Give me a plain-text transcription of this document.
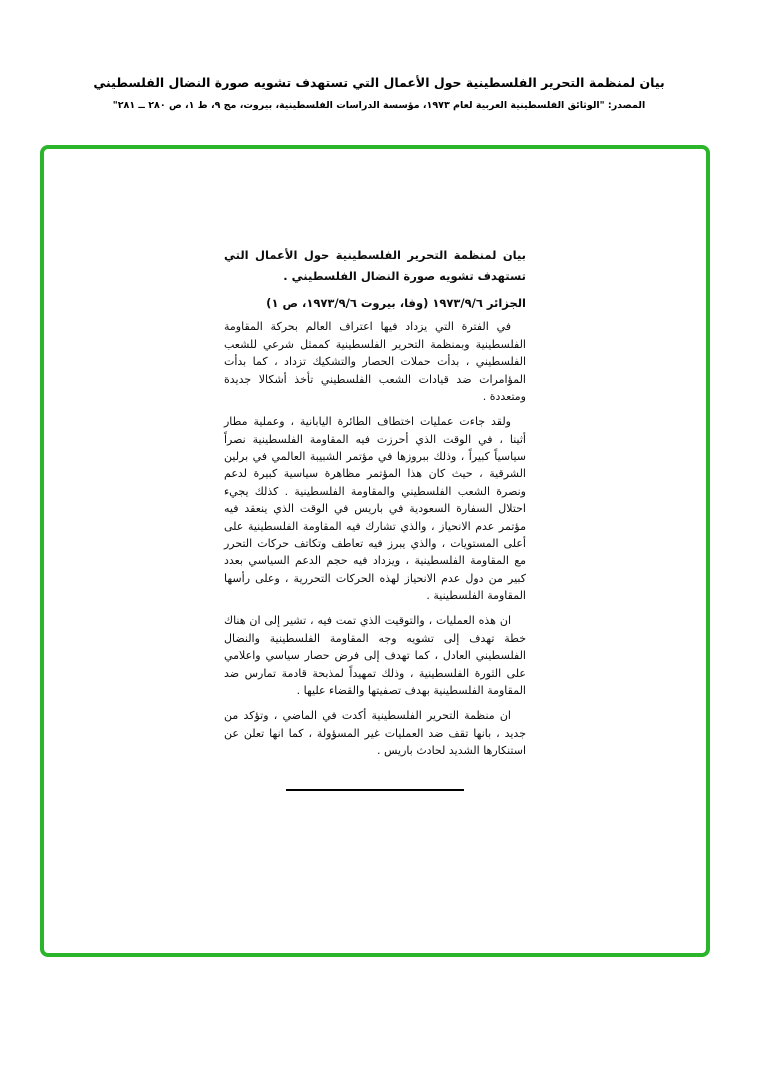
بيان لمنظمة التحرير الفلسطينية حول الأعمال التي تستهدف تشويه صورة النضال الفلسطيني
المصدر: "الوثائق الفلسطينية العربية لعام ١٩٧٣، مؤسسة الدراسات الفلسطينية، بيروت، مج ٩، ط ١، ص ٢٨٠ ــ ٢٨١"
بيان لمنظمة التحرير الفلسطينية حول الأعمال التي تستهدف تشويه صورة النضال الفلسطيني .
الجزائر ١٩٧٣/٩/٦ (وفا، بيروت ١٩٧٣/٩/٦، ص ١)

في الفترة التي يزداد فيها اعتراف العالم بحركة المقاومة الفلسطينية وبمنظمة التحرير الفلسطينية كممثل شرعي للشعب الفلسطيني ، بدأت حملات الحصار والتشكيك تزداد ، كما بدأت المؤامرات ضد قيادات الشعب الفلسطيني تأخذ أشكالا جديدة ومتعددة .

ولقد جاءت عمليات اختطاف الطائرة اليابانية ، وعملية مطار أثينا ، في الوقت الذي أحرزت فيه المقاومة الفلسطينية نصراً سياسياً كبيراً ، وذلك ببروزها في مؤتمر الشبيبة العالمي في برلين الشرقية ، حيث كان هذا المؤتمر مظاهرة سياسية كبيرة لدعم ونصرة الشعب الفلسطيني والمقاومة الفلسطينية . كذلك يجيء احتلال السفارة السعودية في باريس في الوقت الذي ينعقد فيه مؤتمر عدم الانحياز ، والذي تشارك فيه المقاومة الفلسطينية على أعلى المستويات ، والذي يبرز فيه تعاطف وتكاتف حركات التحرر مع المقاومة الفلسطينية ، ويزداد فيه حجم الدعم السياسي بعدد كبير من دول عدم الانحياز لهذه الحركات التحررية ، وعلى رأسها المقاومة الفلسطينية .

ان هذه العمليات ، والتوقيت الذي تمت فيه ، تشير إلى ان هناك خطة تهدف إلى تشويه وجه المقاومة الفلسطينية والنضال الفلسطيني العادل ، كما تهدف إلى فرض حصار سياسي واعلامي على الثورة الفلسطينية ، وذلك تمهيداً لمذبحة قادمة تمارس ضد المقاومة الفلسطينية بهدف تصفيتها والقضاء عليها .

ان منظمة التحرير الفلسطينية أكدت في الماضي ، وتؤكد من جديد ، بانها تقف ضد العمليات غير المسؤولة ، كما انها تعلن عن استنكارها الشديد لحادث باريس .
